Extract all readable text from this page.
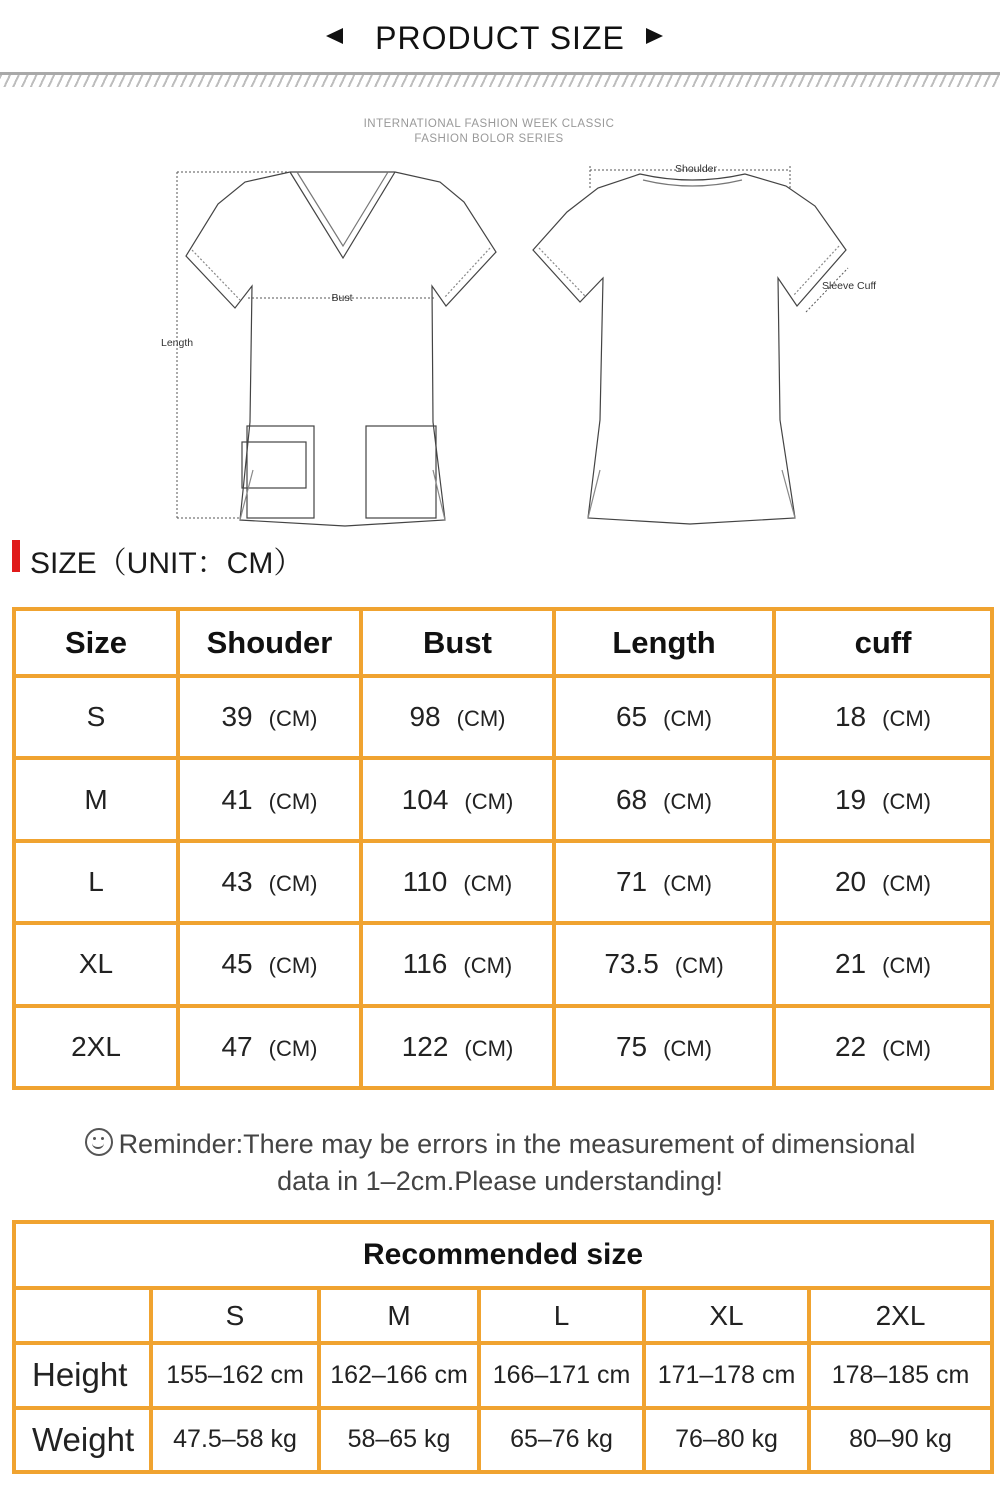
PRODUCT SIZE
INTERNATIONAL FASHION WEEK CLASSIC
FASHION BOLOR SERIES
Length
Bust
Shoulder
Sleeve Cuff
SIZE（UNIT：CM）
Size	Shouder	Bust	Length	cuff
S	39 (CM)	98 (CM)	65 (CM)	18 (CM)
M	41 (CM)	104 (CM)	68 (CM)	19 (CM)
L	43 (CM)	110 (CM)	71 (CM)	20 (CM)
XL	45 (CM)	116 (CM)	73.5 (CM)	21 (CM)
2XL	47 (CM)	122 (CM)	75 (CM)	22 (CM)
Reminder:There may be errors in the measurement of dimensional
data in 1–2cm.Please understanding!
Recommended size					
	S	M	L	XL	2XL
Height	155–162 cm	162–166 cm	166–171 cm	171–178 cm	178–185 cm
Weight	47.5–58 kg	58–65 kg	65–76 kg	76–80 kg	80–90 kg
